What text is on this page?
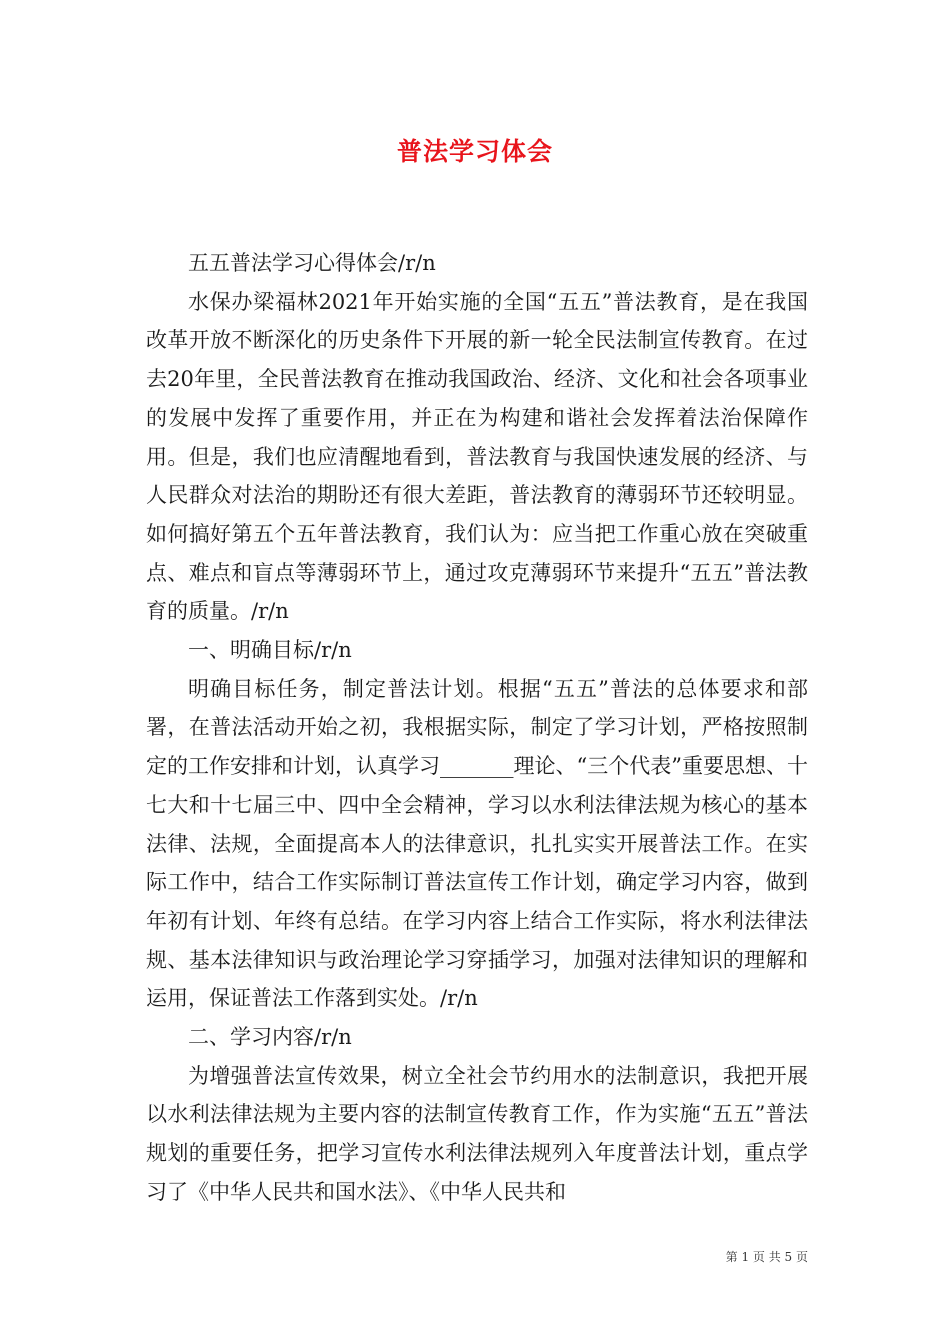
普法学习体会

五五普法学习心得体会/r/n

水保办梁福林2021年开始实施的全国“五五”普法教育，是在我国改革开放不断深化的历史条件下开展的新一轮全民法制宣传教育。在过去20年里，全民普法教育在推动我国政治、经济、文化和社会各项事业的发展中发挥了重要作用，并正在为构建和谐社会发挥着法治保障作用。但是，我们也应清醒地看到，普法教育与我国快速发展的经济、与人民群众对法治的期盼还有很大差距，普法教育的薄弱环节还较明显。如何搞好第五个五年普法教育，我们认为：应当把工作重心放在突破重点、难点和盲点等薄弱环节上，通过攻克薄弱环节来提升“五五”普法教育的质量。/r/n

一、明确目标/r/n

明确目标任务，制定普法计划。根据“五五”普法的总体要求和部署，在普法活动开始之初，我根据实际，制定了学习计划，严格按照制定的工作安排和计划，认真学习_______理论、“三个代表”重要思想、十七大和十七届三中、四中全会精神，学习以水利法律法规为核心的基本法律、法规，全面提高本人的法律意识，扎扎实实开展普法工作。在实际工作中，结合工作实际制订普法宣传工作计划，确定学习内容，做到年初有计划、年终有总结。在学习内容上结合工作实际，将水利法律法规、基本法律知识与政治理论学习穿插学习，加强对法律知识的理解和运用，保证普法工作落到实处。/r/n

二、学习内容/r/n

为增强普法宣传效果，树立全社会节约用水的法制意识，我把开展以水利法律法规为主要内容的法制宣传教育工作，作为实施“五五”普法规划的重要任务，把学习宣传水利法律法规列入年度普法计划，重点学习了《中华人民共和国水法》、《中华人民共和

第 1 页 共 5 页
